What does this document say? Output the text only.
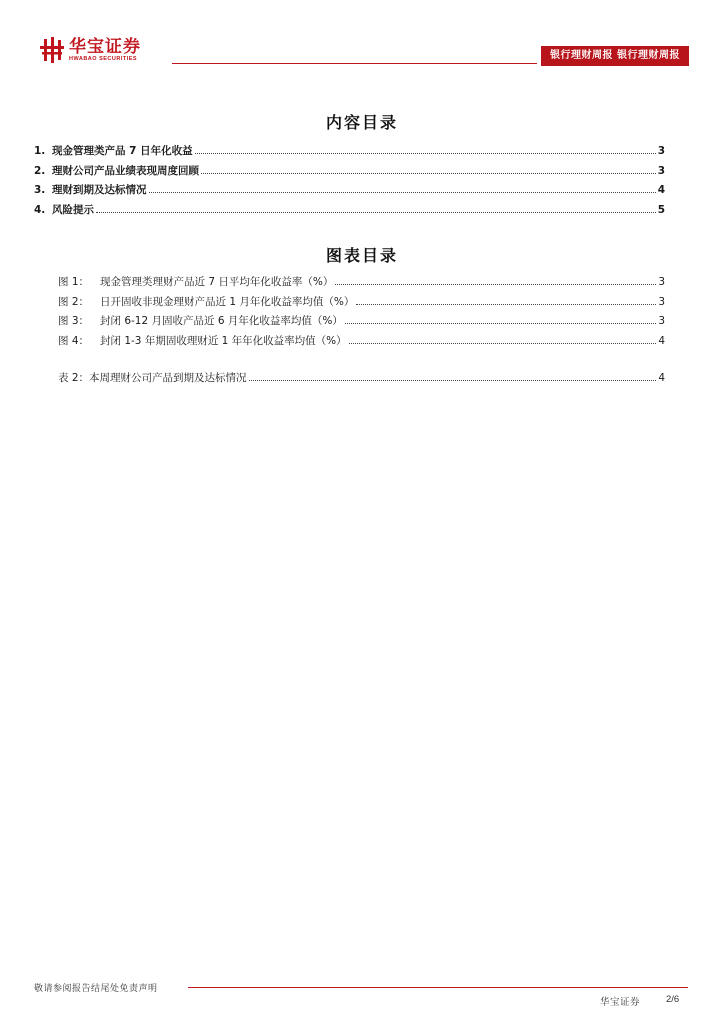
华宝证券
HWABAO SECURITIES	银行理财周报 银行理财周报
内容目录
1. 现金管理类产品 7 日年化收益	3
2. 理财公司产品业绩表现周度回顾	3
3. 理财到期及达标情况	4
4. 风险提示	5
图表目录
图 1： 现金管理类理财产品近 7 日平均年化收益率（%）	3
图 2： 日开固收非现金理财产品近 1 月年化收益率均值（%）	3
图 3： 封闭 6-12 月固收产品近 6 月年化收益率均值（%）	3
图 4： 封闭 1-3 年期固收理财近 1 年年化收益率均值（%）	4
表 2：本周理财公司产品到期及达标情况	4
敬请参阅报告结尾处免责声明
华宝证券	2/6
